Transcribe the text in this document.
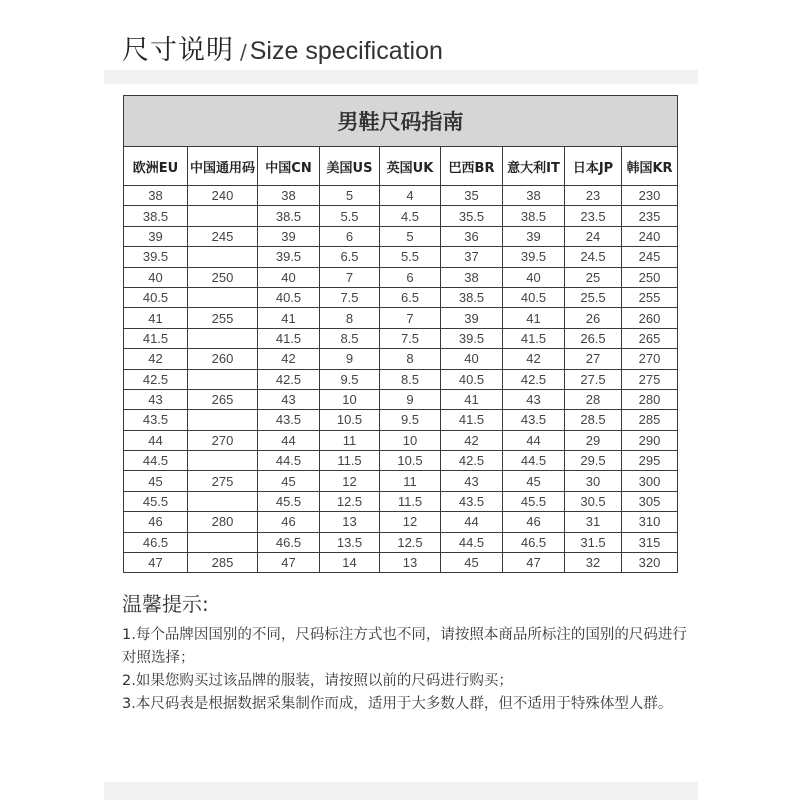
尺寸说明 / Size specification
男鞋尺码指南								
欧洲EU	中国通用码	中国CN	美国US	英国UK	巴西BR	意大利IT	日本JP	韩国KR
38	240	38	5	4	35	38	23	230
38.5		38.5	5.5	4.5	35.5	38.5	23.5	235
39	245	39	6	5	36	39	24	240
39.5		39.5	6.5	5.5	37	39.5	24.5	245
40	250	40	7	6	38	40	25	250
40.5		40.5	7.5	6.5	38.5	40.5	25.5	255
41	255	41	8	7	39	41	26	260
41.5		41.5	8.5	7.5	39.5	41.5	26.5	265
42	260	42	9	8	40	42	27	270
42.5		42.5	9.5	8.5	40.5	42.5	27.5	275
43	265	43	10	9	41	43	28	280
43.5		43.5	10.5	9.5	41.5	43.5	28.5	285
44	270	44	11	10	42	44	29	290
44.5		44.5	11.5	10.5	42.5	44.5	29.5	295
45	275	45	12	11	43	45	30	300
45.5		45.5	12.5	11.5	43.5	45.5	30.5	305
46	280	46	13	12	44	46	31	310
46.5		46.5	13.5	12.5	44.5	46.5	31.5	315
47	285	47	14	13	45	47	32	320
温馨提示:

1.每个品牌因国别的不同，尺码标注方式也不同，请按照本商品所标注的国别的尺码进行对照选择；

2.如果您购买过该品牌的服装，请按照以前的尺码进行购买；

3.本尺码表是根据数据采集制作而成，适用于大多数人群，但不适用于特殊体型人群。
